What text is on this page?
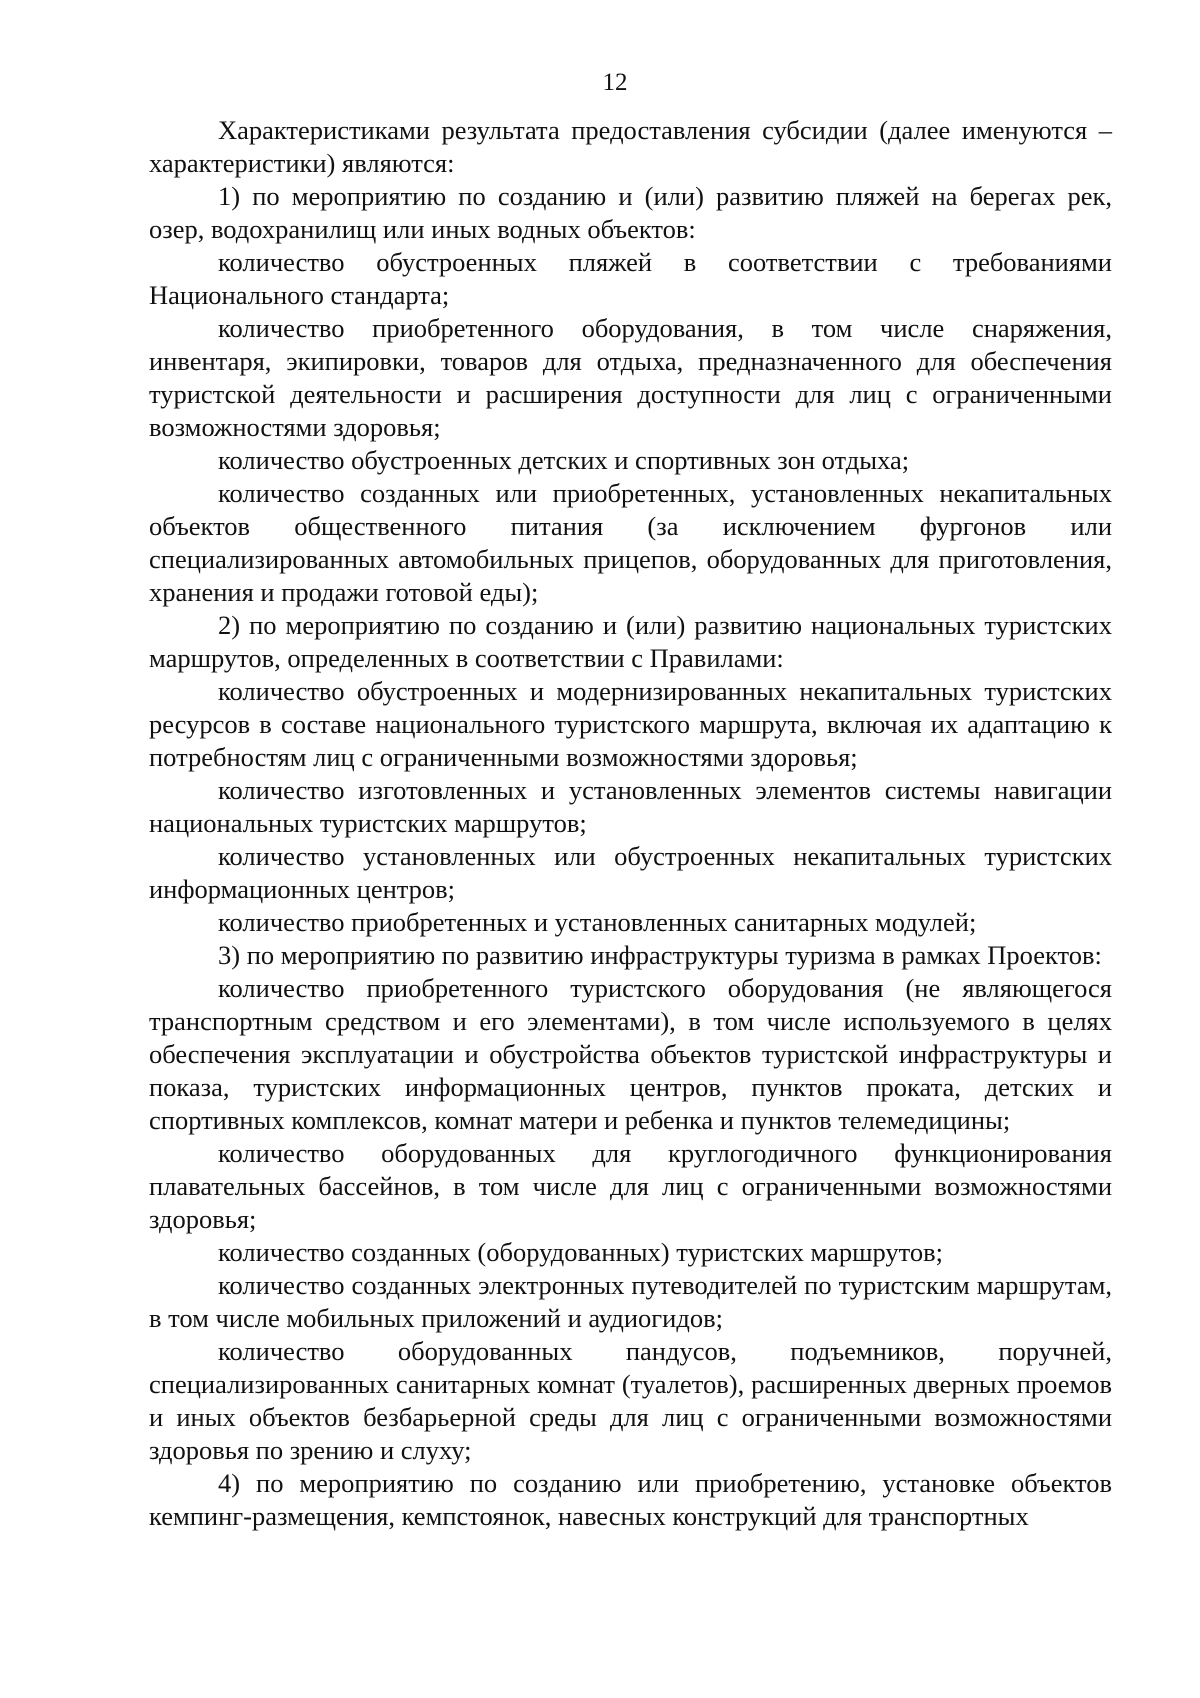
12

Характеристиками результата предоставления субсидии (далее именуются – характеристики) являются:

1) по мероприятию по созданию и (или) развитию пляжей на берегах рек, озер, водохранилищ или иных водных объектов:

количество обустроенных пляжей в соответствии с требованиями Национального стандарта;

количество приобретенного оборудования, в том числе снаряжения, инвентаря, экипировки, товаров для отдыха, предназначенного для обеспечения туристской деятельности и расширения доступности для лиц с ограниченными возможностями здоровья;

количество обустроенных детских и спортивных зон отдыха;

количество созданных или приобретенных, установленных некапитальных объектов общественного питания (за исключением фургонов или специализированных автомобильных прицепов, оборудованных для приготовления, хранения и продажи готовой еды);

2) по мероприятию по созданию и (или) развитию национальных туристских маршрутов, определенных в соответствии с Правилами:

количество обустроенных и модернизированных некапитальных туристских ресурсов в составе национального туристского маршрута, включая их адаптацию к потребностям лиц с ограниченными возможностями здоровья;

количество изготовленных и установленных элементов системы навигации национальных туристских маршрутов;

количество установленных или обустроенных некапитальных туристских информационных центров;

количество приобретенных и установленных санитарных модулей;

3) по мероприятию по развитию инфраструктуры туризма в рамках Проектов:

количество приобретенного туристского оборудования (не являющегося транспортным средством и его элементами), в том числе используемого в целях обеспечения эксплуатации и обустройства объектов туристской инфраструктуры и показа, туристских информационных центров, пунктов проката, детских и спортивных комплексов, комнат матери и ребенка и пунктов телемедицины;

количество оборудованных для круглогодичного функционирования плавательных бассейнов, в том числе для лиц с ограниченными возможностями здоровья;

количество созданных (оборудованных) туристских маршрутов;

количество созданных электронных путеводителей по туристским маршрутам, в том числе мобильных приложений и аудиогидов;

количество оборудованных пандусов, подъемников, поручней, специализированных санитарных комнат (туалетов), расширенных дверных проемов и иных объектов безбарьерной среды для лиц с ограниченными возможностями здоровья по зрению и слуху;

4) по мероприятию по созданию или приобретению, установке объектов кемпинг-размещения, кемпстоянок, навесных конструкций для транспортных
